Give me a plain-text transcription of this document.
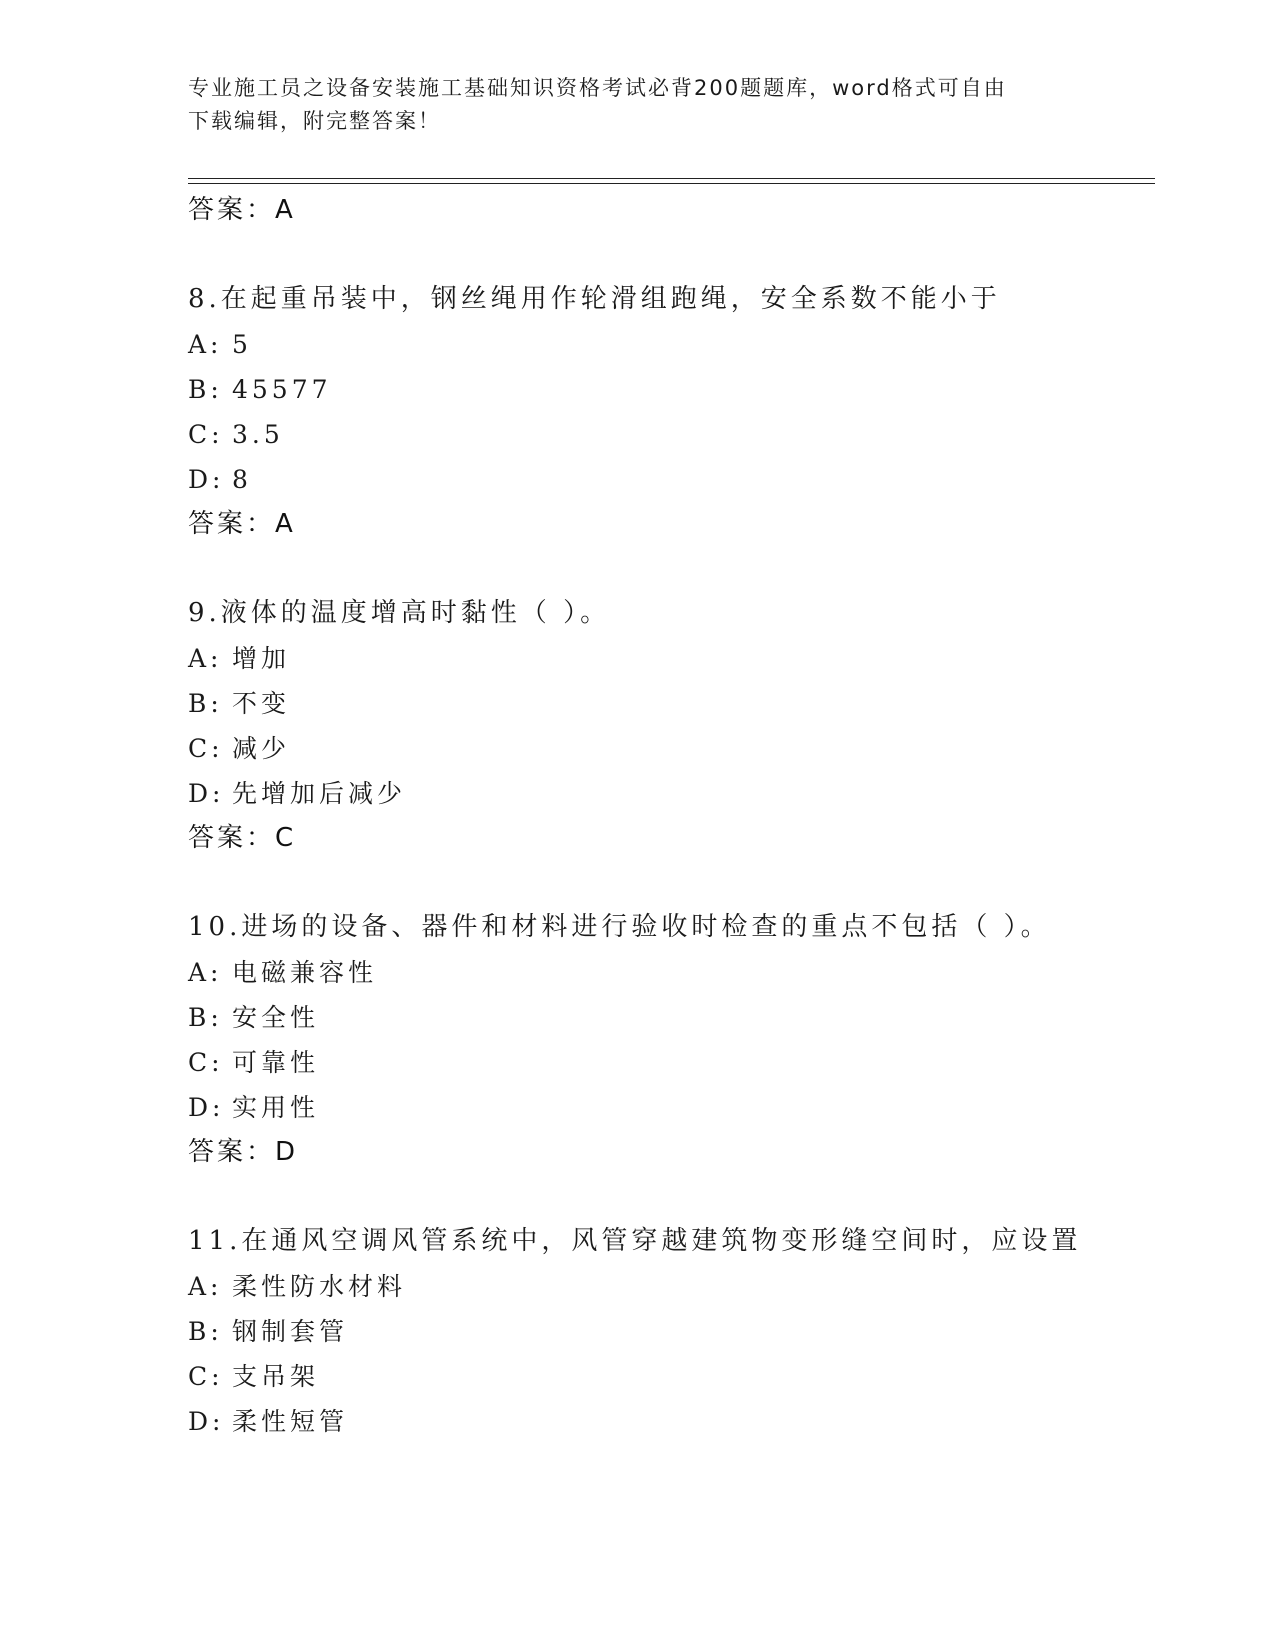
专业施工员之设备安装施工基础知识资格考试必背200题题库，word格式可自由
下载编辑，附完整答案！
答案：A
8.在起重吊装中，钢丝绳用作轮滑组跑绳，安全系数不能小于
A: 5
B: 45577
C: 3.5
D: 8
答案：A
9.液体的温度增高时黏性（ ）。
A: 增加
B: 不变
C: 减少
D: 先增加后减少
答案：C
10.进场的设备、器件和材料进行验收时检查的重点不包括（ ）。
A: 电磁兼容性
B: 安全性
C: 可靠性
D: 实用性
答案：D
11.在通风空调风管系统中，风管穿越建筑物变形缝空间时，应设置
A: 柔性防水材料
B: 钢制套管
C: 支吊架
D: 柔性短管
